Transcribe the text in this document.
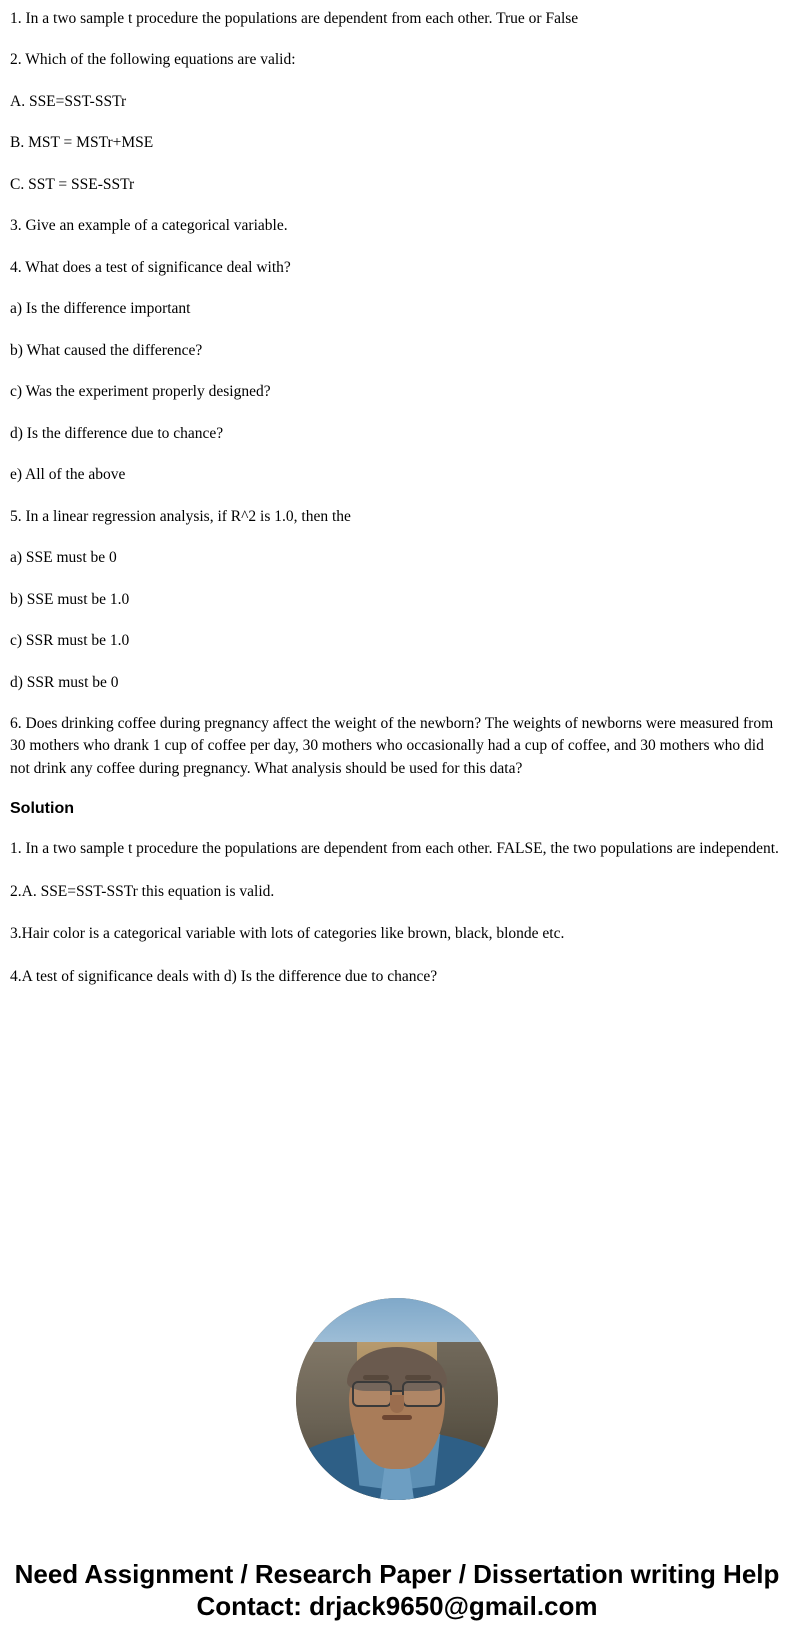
1. In a two sample t procedure the populations are dependent from each other. True or False

2. Which of the following equations are valid:

A. SSE=SST-SSTr

B. MST = MSTr+MSE

C. SST = SSE-SSTr

3. Give an example of a categorical variable.

4. What does a test of significance deal with?

a) Is the difference important

b) What caused the difference?

c) Was the experiment properly designed?

d) Is the difference due to chance?

e) All of the above

5. In a linear regression analysis, if R^2 is 1.0, then the

a) SSE must be 0

b) SSE must be 1.0

c) SSR must be 1.0

d) SSR must be 0

6. Does drinking coffee during pregnancy affect the weight of the newborn? The weights of newborns were measured from 30 mothers who drank 1 cup of coffee per day, 30 mothers who occasionally had a cup of coffee, and 30 mothers who did not drink any coffee during pregnancy. What analysis should be used for this data?

Solution

1. In a two sample t procedure the populations are dependent from each other. FALSE, the two populations are independent.

2.A. SSE=SST-SSTr this equation is valid.

3.Hair color is a categorical variable with lots of categories like brown, black, blonde etc.

4.A test of significance deals with d) Is the difference due to chance?

Need Assignment / Research Paper / Dissertation writing Help
Contact: drjack9650@gmail.com
